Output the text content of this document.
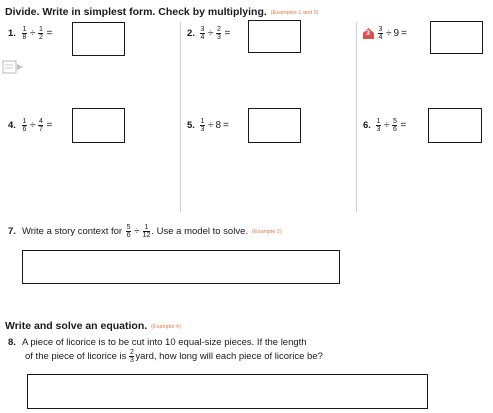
Divide. Write in simplest form. Check by multiplying. (Examples 1 and 3)
1. $\frac{1}{8} \div \frac{1}{2}$ =	2. $\frac{3}{4} \div \frac{2}{3}$ =	$3 \frac{3}{4} \div 9$ =
4. $\frac{1}{6} \div \frac{4}{7}$ =	5. $\frac{1}{3} \div 8$ =	6. $\frac{1}{3} \div \frac{5}{6}$ =
7. Write a story context for $\frac{5}{6} \div \frac{1}{12}$ . Use a model to solve. (Example 2)
Write and solve an equation. (Example 4)
8. A piece of licorice is to be cut into 10 equal-size pieces. If the length
of the piece of licorice is $\frac{2}{3}$ yard, how long will each piece of licorice be?
